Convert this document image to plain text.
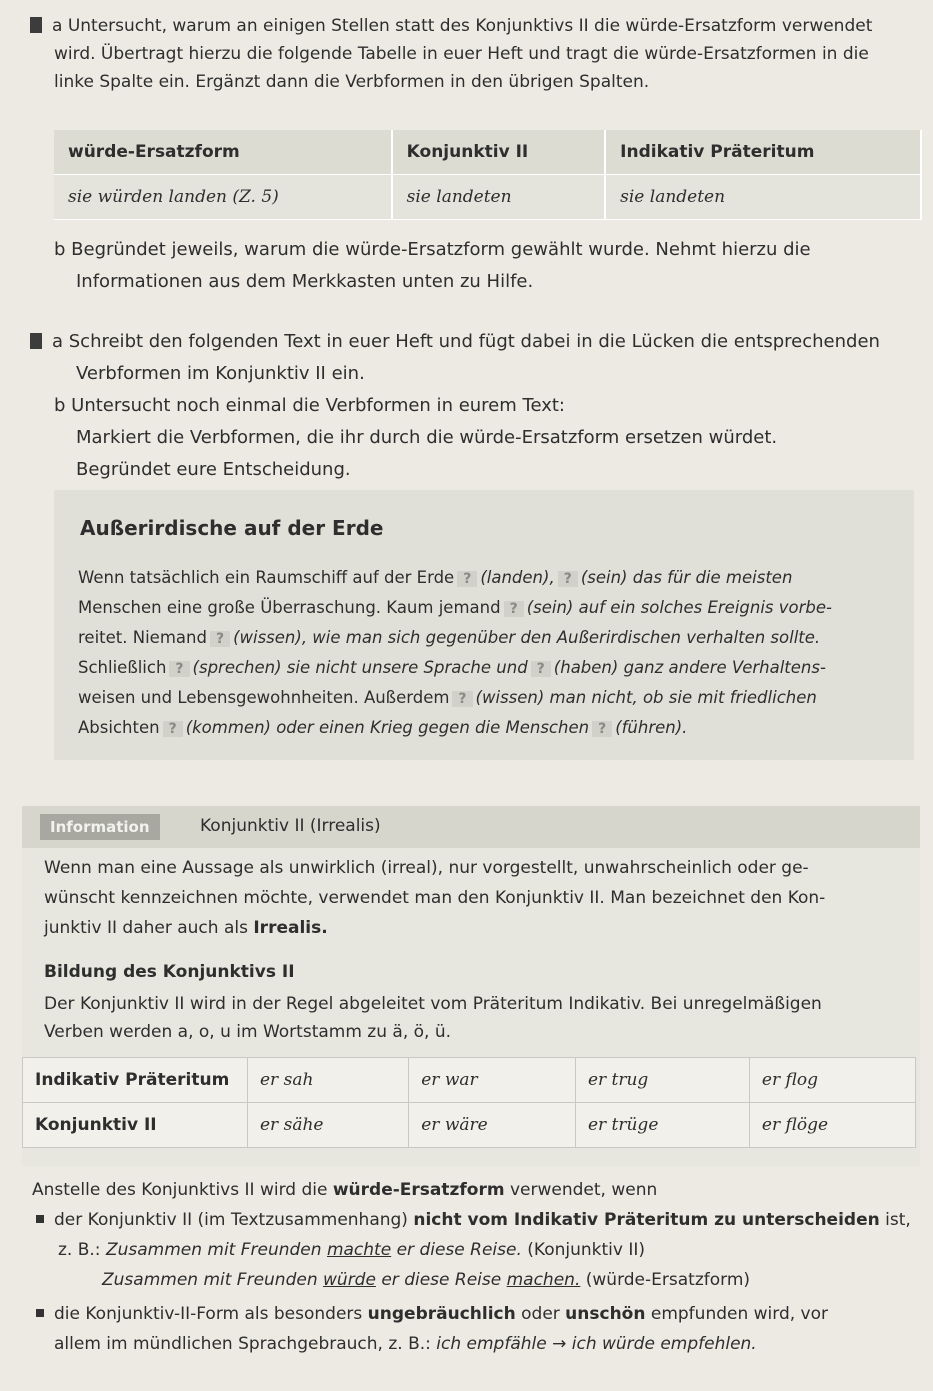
a Untersucht, warum an einigen Stellen statt des Konjunktivs II die würde-Ersatzform verwendet
wird. Übertragt hierzu die folgende Tabelle in euer Heft und tragt die würde-Ersatzformen in die
linke Spalte ein. Ergänzt dann die Verbformen in den übrigen Spalten.
würde-Ersatzform	Konjunktiv II	Indikativ Präteritum
sie würden landen (Z. 5)	sie landeten	sie landeten
b Begründet jeweils, warum die würde-Ersatzform gewählt wurde. Nehmt hierzu die
Informationen aus dem Merkkasten unten zu Hilfe.
a Schreibt den folgenden Text in euer Heft und fügt dabei in die Lücken die entsprechenden
Verbformen im Konjunktiv II ein.
b Untersucht noch einmal die Verbformen in eurem Text:
Markiert die Verbformen, die ihr durch die würde-Ersatzform ersetzen würdet.
Begründet eure Entscheidung.
Außerirdische auf der Erde
Wenn tatsächlich ein Raumschiff auf der Erde ? (landen), ? (sein) das für die meisten
Menschen eine große Überraschung. Kaum jemand ? (sein) auf ein solches Ereignis vorbe-
reitet. Niemand ? (wissen), wie man sich gegenüber den Außerirdischen verhalten sollte.
Schließlich ? (sprechen) sie nicht unsere Sprache und ? (haben) ganz andere Verhaltens-
weisen und Lebensgewohnheiten. Außerdem ? (wissen) man nicht, ob sie mit friedlichen
Absichten ? (kommen) oder einen Krieg gegen die Menschen ? (führen).
Information	Konjunktiv II (Irrealis)
Wenn man eine Aussage als unwirklich (irreal), nur vorgestellt, unwahrscheinlich oder ge-
wünscht kennzeichnen möchte, verwendet man den Konjunktiv II. Man bezeichnet den Kon-
junktiv II daher auch als Irrealis.
Bildung des Konjunktivs II
Der Konjunktiv II wird in der Regel abgeleitet vom Präteritum Indikativ. Bei unregelmäßigen
Verben werden a, o, u im Wortstamm zu ä, ö, ü.
Indikativ Präteritum	er sah	er war	er trug	er flog
Konjunktiv II	er sähe	er wäre	er trüge	er flöge
Anstelle des Konjunktivs II wird die würde-Ersatzform verwendet, wenn
der Konjunktiv II (im Textzusammenhang) nicht vom Indikativ Präteritum zu unterscheiden ist,
z. B.: Zusammen mit Freunden machte er diese Reise. (Konjunktiv II)
Zusammen mit Freunden würde er diese Reise machen. (würde-Ersatzform)
die Konjunktiv-II-Form als besonders ungebräuchlich oder unschön empfunden wird, vor
allem im mündlichen Sprachgebrauch, z. B.: ich empfähle → ich würde empfehlen.
